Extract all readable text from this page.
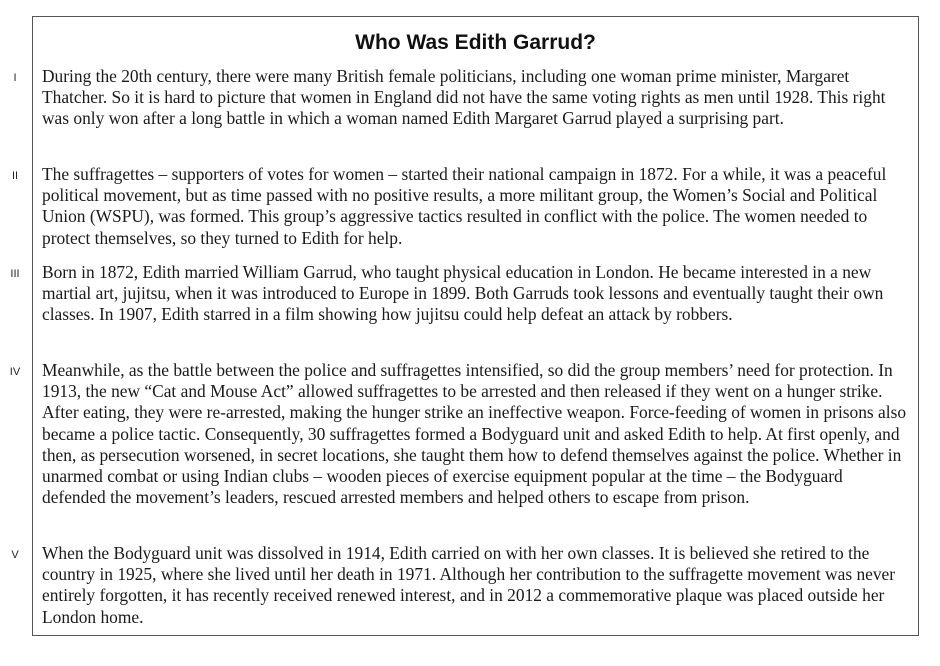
Who Was Edith Garrud?
I	During the 20th century, there were many British female politicians, including one woman prime minister, Margaret Thatcher. So it is hard to picture that women in England did not have the same voting rights as men until 1928. This right was only won after a long battle in which a woman named Edith Margaret Garrud played a surprising part.

II	The suffragettes – supporters of votes for women – started their national campaign in 1872. For a while, it was a peaceful political movement, but as time passed with no positive results, a more militant group, the Women’s Social and Political Union (WSPU), was formed. This group’s aggressive tactics resulted in conflict with the police. The women needed to protect themselves, so they turned to Edith for help.

III	Born in 1872, Edith married William Garrud, who taught physical education in London. He became interested in a new martial art, jujitsu, when it was introduced to Europe in 1899. Both Garruds took lessons and eventually taught their own classes. In 1907, Edith starred in a film showing how jujitsu could help defeat an attack by robbers.

IV	Meanwhile, as the battle between the police and suffragettes intensified, so did the group members’ need for protection. In 1913, the new “Cat and Mouse Act” allowed suffragettes to be arrested and then released if they went on a hunger strike. After eating, they were re-arrested, making the hunger strike an ineffective weapon. Force-feeding of women in prisons also became a police tactic. Consequently, 30 suffragettes formed a Bodyguard unit and asked Edith to help. At first openly, and then, as persecution worsened, in secret locations, she taught them how to defend themselves against the police. Whether in unarmed combat or using Indian clubs – wooden pieces of exercise equipment popular at the time – the Bodyguard defended the movement’s leaders, rescued arrested members and helped others to escape from prison.

V	When the Bodyguard unit was dissolved in 1914, Edith carried on with her own classes. It is believed she retired to the country in 1925, where she lived until her death in 1971. Although her contribution to the suffragette movement was never entirely forgotten, it has recently received renewed interest, and in 2012 a commemorative plaque was placed outside her London home.
